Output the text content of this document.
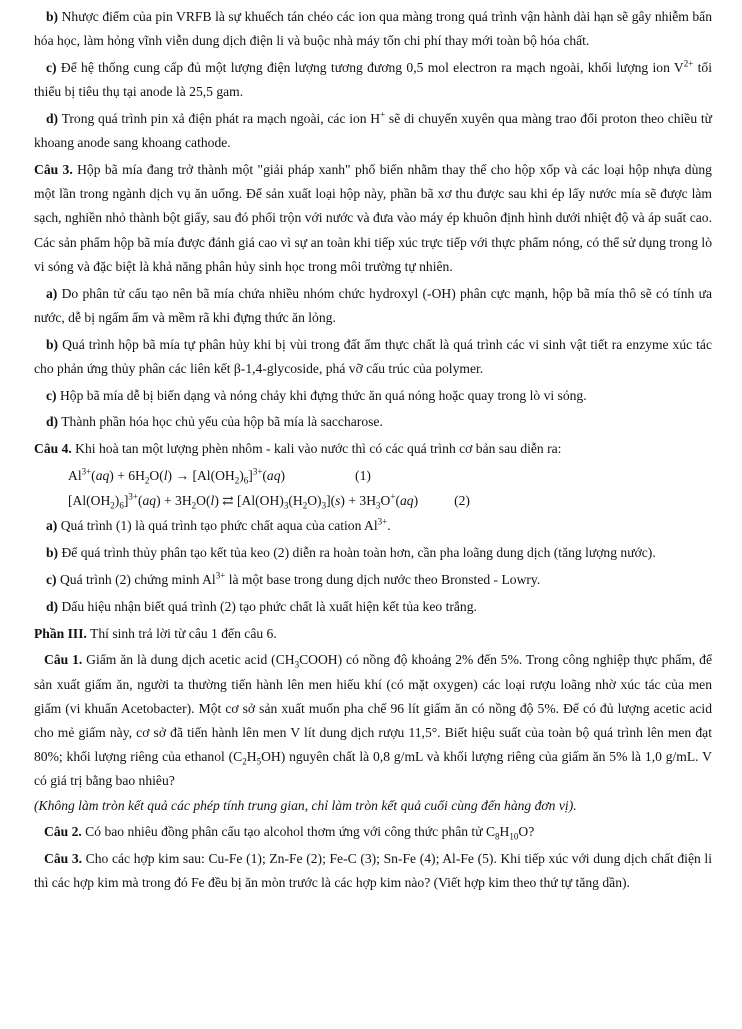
b) Nhược điểm của pin VRFB là sự khuếch tán chéo các ion qua màng trong quá trình vận hành dài hạn sẽ gây nhiễm bẩn hóa học, làm hỏng vĩnh viễn dung dịch điện li và buộc nhà máy tốn chi phí thay mới toàn bộ hóa chất.

c) Để hệ thống cung cấp đủ một lượng điện lượng tương đương 0,5 mol electron ra mạch ngoài, khối lượng ion $V^{2+}$ tối thiểu bị tiêu thụ tại anode là 25,5 gam.

d) Trong quá trình pin xả điện phát ra mạch ngoài, các ion H+ sẽ di chuyển xuyên qua màng trao đổi proton theo chiều từ khoang anode sang khoang cathode.

Câu 3. Hộp bã mía đang trở thành một "giải pháp xanh" phổ biến nhằm thay thế cho hộp xốp và các loại hộp nhựa dùng một lần trong ngành dịch vụ ăn uống. Để sản xuất loại hộp này, phần bã xơ thu được sau khi ép lấy nước mía sẽ được làm sạch, nghiền nhỏ thành bột giấy, sau đó phối trộn với nước và đưa vào máy ép khuôn định hình dưới nhiệt độ và áp suất cao. Các sản phẩm hộp bã mía được đánh giá cao vì sự an toàn khi tiếp xúc trực tiếp với thực phẩm nóng, có thể sử dụng trong lò vi sóng và đặc biệt là khả năng phân hủy sinh học trong môi trường tự nhiên.

a) Do phân tử cấu tạo nên bã mía chứa nhiều nhóm chức hydroxyl (-OH) phân cực mạnh, hộp bã mía thô sẽ có tính ưa nước, dễ bị ngấm ẩm và mềm rã khi đựng thức ăn lỏng.

b) Quá trình hộp bã mía tự phân hủy khi bị vùi trong đất ẩm thực chất là quá trình các vi sinh vật tiết ra enzyme xúc tác cho phản ứng thủy phân các liên kết β-1,4-glycoside, phá vỡ cấu trúc của polymer.

c) Hộp bã mía dễ bị biến dạng và nóng chảy khi đựng thức ăn quá nóng hoặc quay trong lò vi sóng.

d) Thành phần hóa học chủ yếu của hộp bã mía là saccharose.

Câu 4. Khi hoà tan một lượng phèn nhôm - kali vào nước thì có các quá trình cơ bản sau diễn ra:

$Al^{3+}(aq) + 6H_2O(l) \to [Al(OH_2)_6]^{3+}(aq)$	(1)
$[Al(OH_2)_6]^{3+}(aq) + 3H_2O(l)$ ⇄ $[Al(OH)_3(H_2O)_3](s) + 3H_3O^+(aq)$	(2)

a) Quá trình (1) là quá trình tạo phức chất aqua của cation $Al^{3+}$.

b) Để quá trình thủy phân tạo kết tủa keo (2) diễn ra hoàn toàn hơn, cần pha loãng dung dịch (tăng lượng nước).

c) Quá trình (2) chứng minh $Al^{3+}$ là một base trong dung dịch nước theo Bronsted - Lowry.

d) Dấu hiệu nhận biết quá trình (2) tạo phức chất là xuất hiện kết tủa keo trắng.

Phần III. Thí sinh trả lời từ câu 1 đến câu 6.

Câu 1. Giấm ăn là dung dịch acetic acid $(CH_3COOH)$ có nồng độ khoảng 2% đến 5%. Trong công nghiệp thực phẩm, để sản xuất giấm ăn, người ta thường tiến hành lên men hiếu khí (có mặt oxygen) các loại rượu loãng nhờ xúc tác của men giấm (vi khuẩn Acetobacter). Một cơ sở sản xuất muốn pha chế 96 lít giấm ăn có nồng độ 5%. Để có đủ lượng acetic acid cho mẻ giấm này, cơ sở đã tiến hành lên men V lít dung dịch rượu 11,5°. Biết hiệu suất của toàn bộ quá trình lên men đạt 80%; khối lượng riêng của ethanol $(C_2H_5OH)$ nguyên chất là 0,8 g/mL và khối lượng riêng của giấm ăn 5% là 1,0 g/mL. V có giá trị bằng bao nhiêu?
(Không làm tròn kết quả các phép tính trung gian, chỉ làm tròn kết quả cuối cùng đến hàng đơn vị).

Câu 2. Có bao nhiêu đồng phân cấu tạo alcohol thơm ứng với công thức phân tử $C_8H_{10}O$?

Câu 3. Cho các hợp kim sau: Cu-Fe (1); Zn-Fe (2); Fe-C (3); Sn-Fe (4); Al-Fe (5). Khi tiếp xúc với dung dịch chất điện li thì các hợp kim mà trong đó Fe đều bị ăn mòn trước là các hợp kim nào? (Viết hợp kim theo thứ tự tăng dần).
